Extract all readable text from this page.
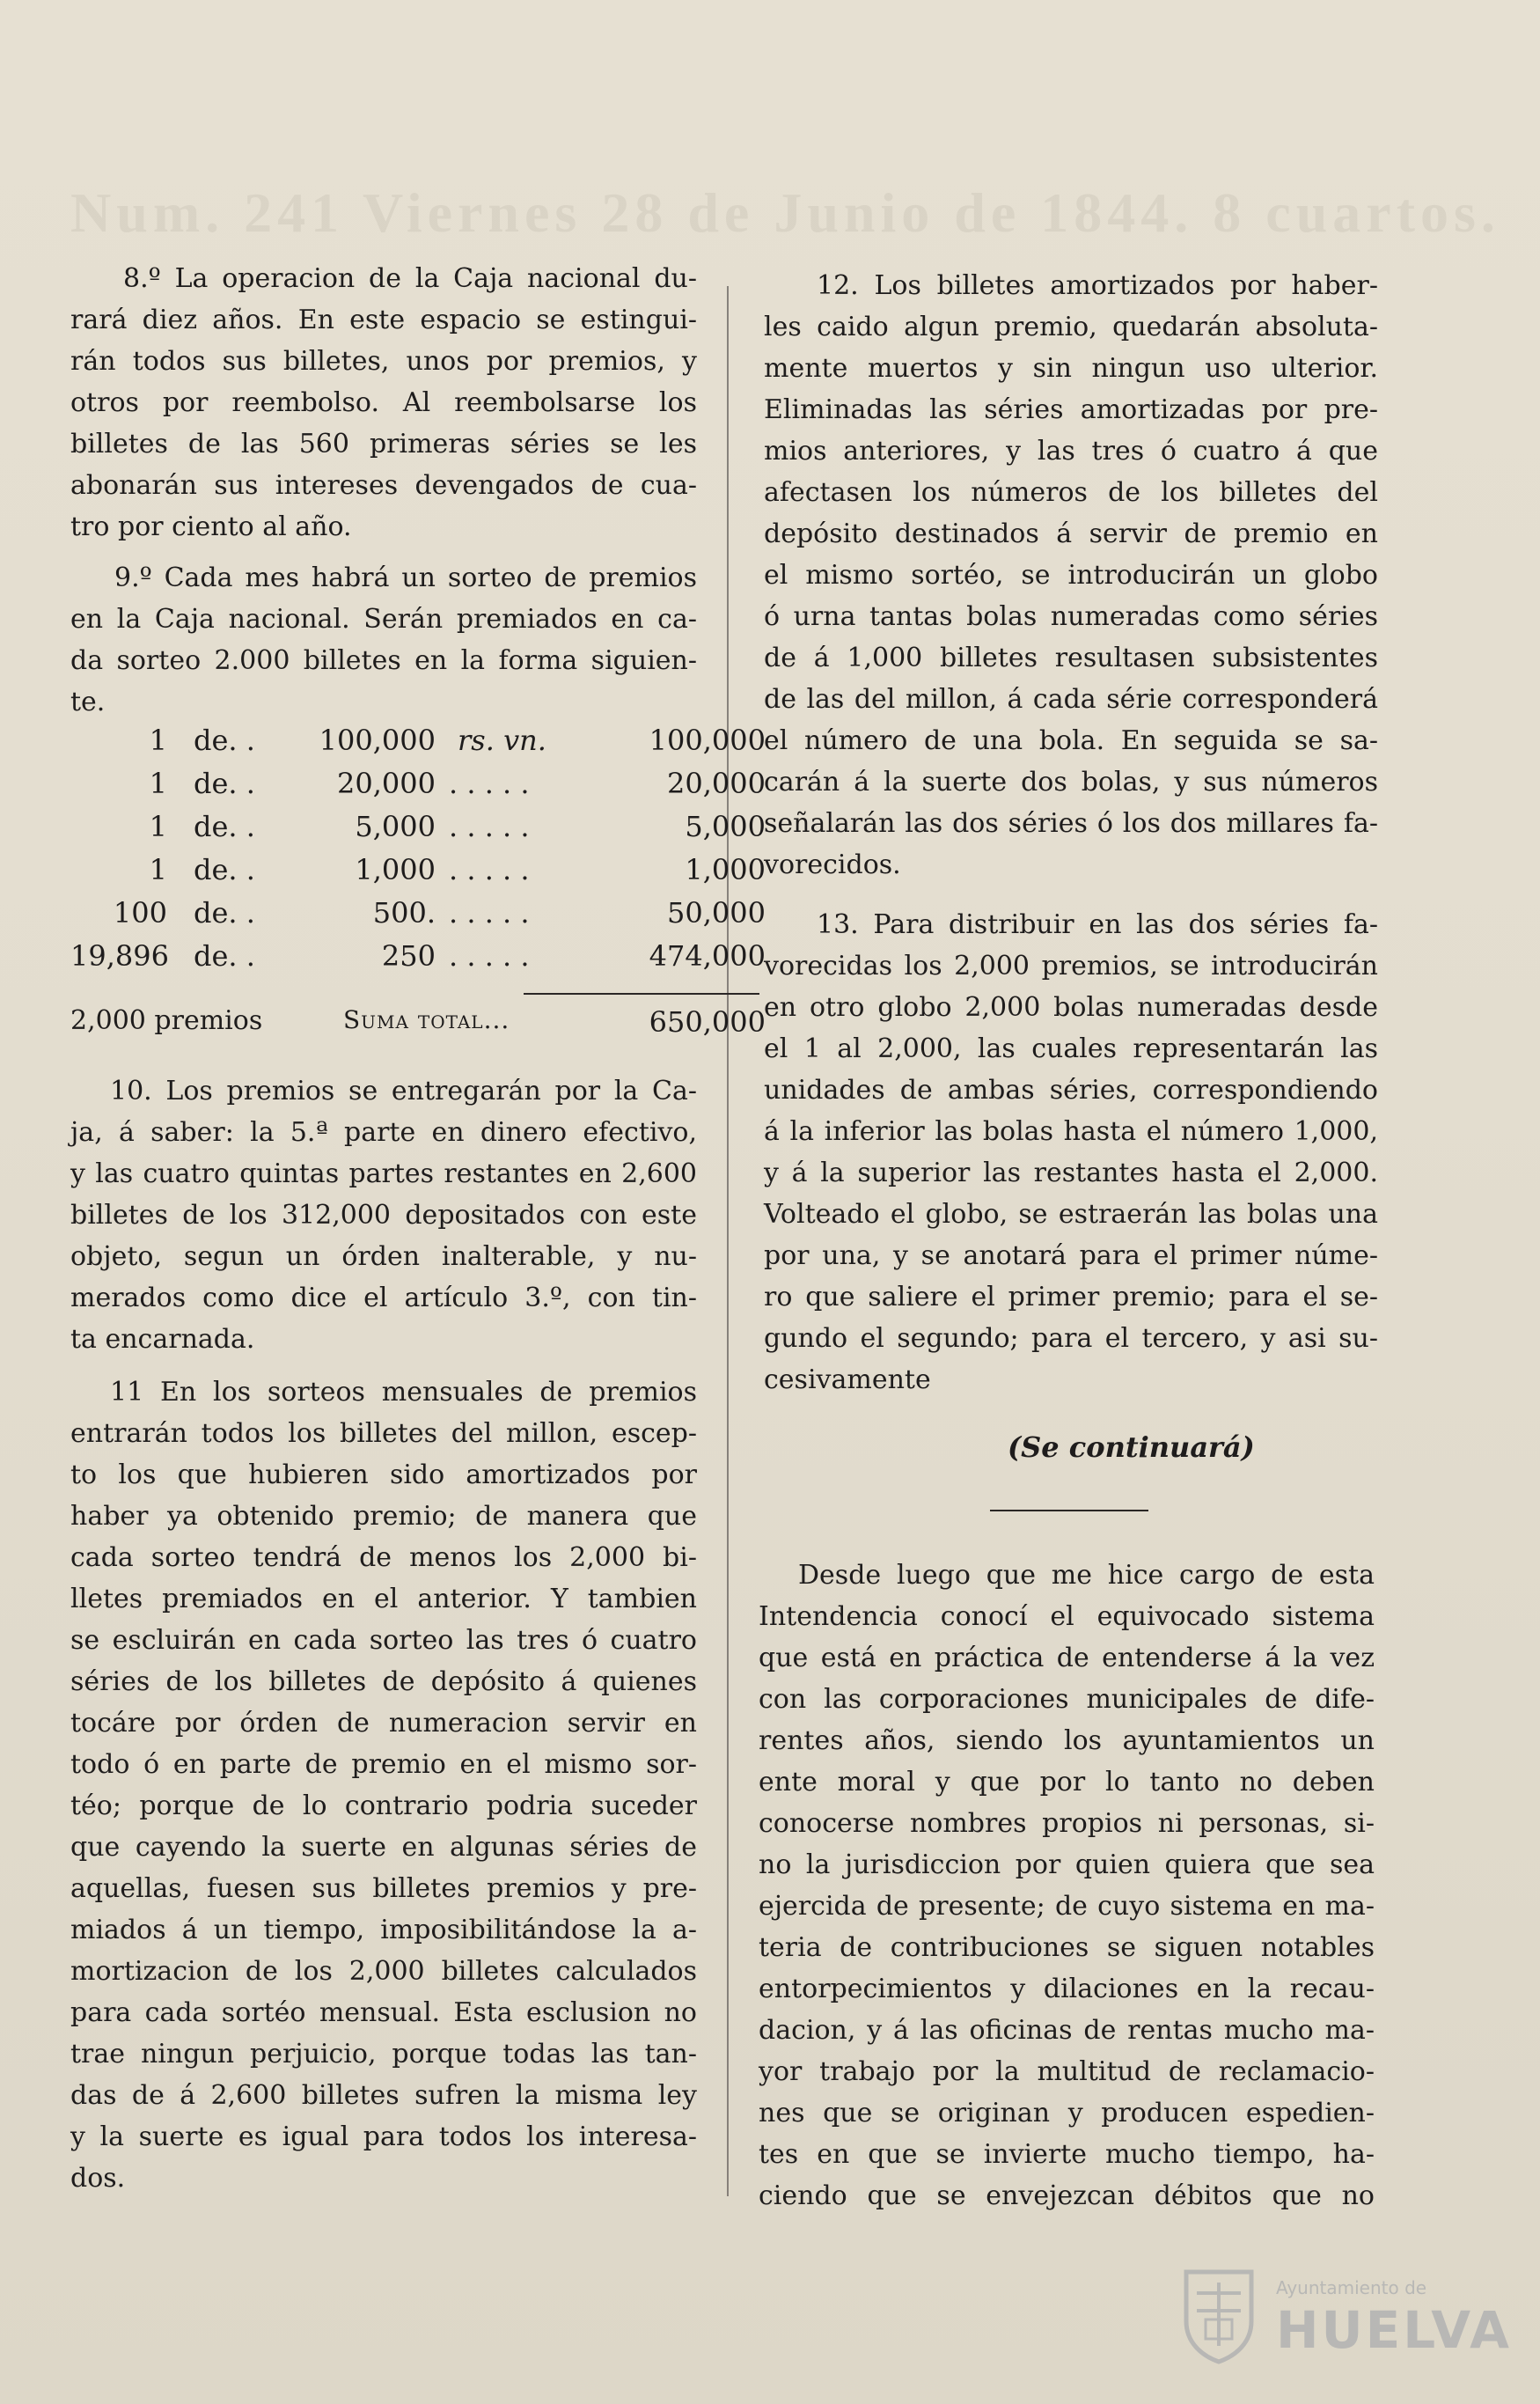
Num. 241 Viernes 28 de Junio de 1844. 8 cuartos.
8.º La operacion de la Caja nacional du-
rará diez años. En este espacio se estingui-
rán todos sus billetes, unos por premios, y
otros por reembolso. Al reembolsarse los
billetes de las 560 primeras séries se les
abonarán sus intereses devengados de cua-
tro por ciento al año.
9.º Cada mes habrá un sorteo de premios
en la Caja nacional. Serán premiados en ca-
da sorteo 2.000 billetes en la forma siguien-
te.
1 de. .	100,000 rs. vn.	100,000
1 de. .	20,000 . . . . .	20,000
1 de. .	5,000 . . . . .	5,000
1 de. .	1,000 . . . . .	1,000
100 de. .	500. . . . . .	50,000
19,896 de. .	250 . . . . .	474,000
2,000 premios	Suma total...	650,000
10. Los premios se entregarán por la Ca-
ja, á saber: la 5.ª parte en dinero efectivo,
y las cuatro quintas partes restantes en 2,600
billetes de los 312,000 depositados con este
objeto, segun un órden inalterable, y nu-
merados como dice el artículo 3.º, con tin-
ta encarnada.
11 En los sorteos mensuales de premios
entrarán todos los billetes del millon, escep-
to los que hubieren sido amortizados por
haber ya obtenido premio; de manera que
cada sorteo tendrá de menos los 2,000 bi-
lletes premiados en el anterior. Y tambien
se escluirán en cada sorteo las tres ó cuatro
séries de los billetes de depósito á quienes
tocáre por órden de numeracion servir en
todo ó en parte de premio en el mismo sor-
téo; porque de lo contrario podria suceder
que cayendo la suerte en algunas séries de
aquellas, fuesen sus billetes premios y pre-
miados á un tiempo, imposibilitándose la a-
mortizacion de los 2,000 billetes calculados
para cada sortéo mensual. Esta esclusion no
trae ningun perjuicio, porque todas las tan-
das de á 2,600 billetes sufren la misma ley
y la suerte es igual para todos los interesa-
dos.
12. Los billetes amortizados por haber-
les caido algun premio, quedarán absoluta-
mente muertos y sin ningun uso ulterior.
Eliminadas las séries amortizadas por pre-
mios anteriores, y las tres ó cuatro á que
afectasen los números de los billetes del
depósito destinados á servir de premio en
el mismo sortéo, se introducirán un globo
ó urna tantas bolas numeradas como séries
de á 1,000 billetes resultasen subsistentes
de las del millon, á cada série corresponderá
el número de una bola. En seguida se sa-
carán á la suerte dos bolas, y sus números
señalarán las dos séries ó los dos millares fa-
vorecidos.
13. Para distribuir en las dos séries fa-
vorecidas los 2,000 premios, se introducirán
en otro globo 2,000 bolas numeradas desde
el 1 al 2,000, las cuales representarán las
unidades de ambas séries, correspondiendo
á la inferior las bolas hasta el número 1,000,
y á la superior las restantes hasta el 2,000.
Volteado el globo, se estraerán las bolas una
por una, y se anotará para el primer núme-
ro que saliere el primer premio; para el se-
gundo el segundo; para el tercero, y asi su-
cesivamente
(Se continuará)
Desde luego que me hice cargo de esta
Intendencia conocí el equivocado sistema
que está en práctica de entenderse á la vez
con las corporaciones municipales de dife-
rentes años, siendo los ayuntamientos un
ente moral y que por lo tanto no deben
conocerse nombres propios ni personas, si-
no la jurisdiccion por quien quiera que sea
ejercida de presente; de cuyo sistema en ma-
teria de contribuciones se siguen notables
entorpecimientos y dilaciones en la recau-
dacion, y á las oficinas de rentas mucho ma-
yor trabajo por la multitud de reclamacio-
nes que se originan y producen espedien-
tes en que se invierte mucho tiempo, ha-
ciendo que se envejezcan débitos que no
Ayuntamiento de
HUELVA
